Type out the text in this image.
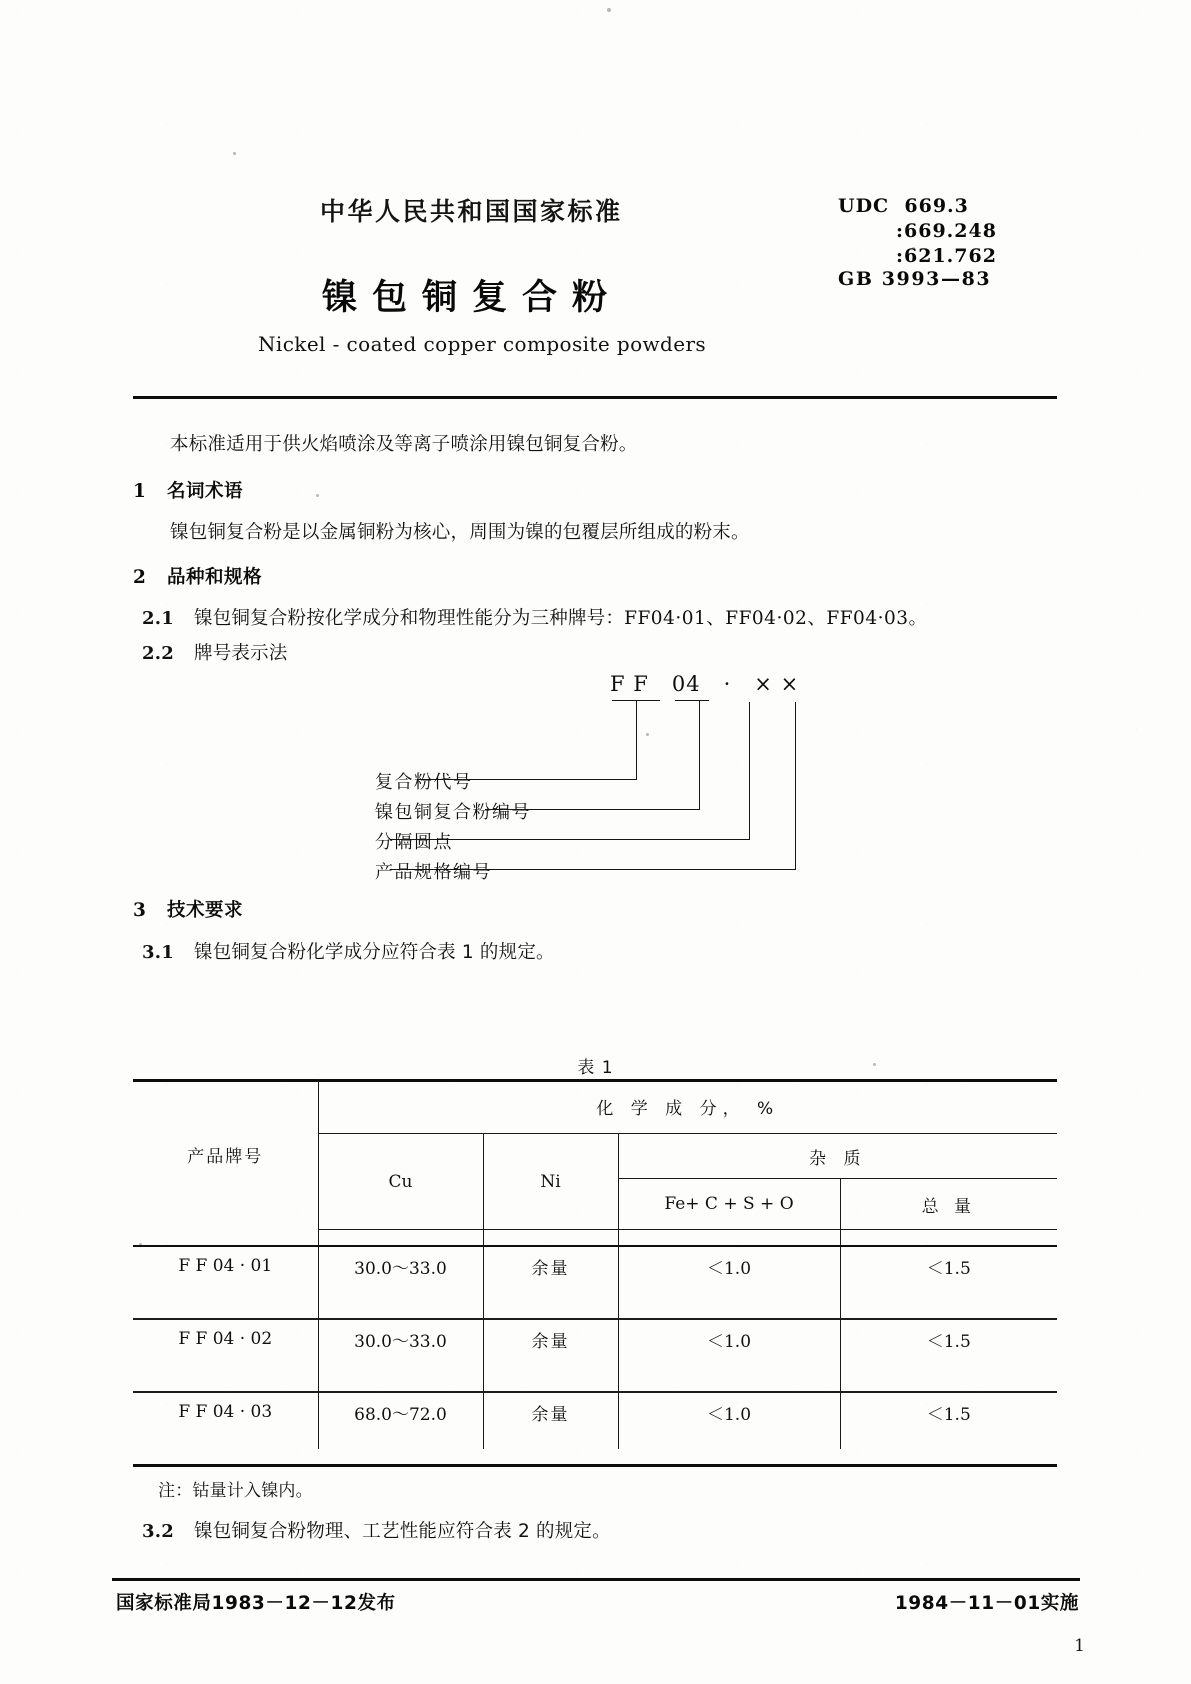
中华人民共和国国家标准
镍包铜复合粉
Nickel - coated copper composite powders
UDC  669.3
:669.248
:621.762
GB 3993—83
本标准适用于供火焰喷涂及等离子喷涂用镍包铜复合粉。
1 名词术语
镍包铜复合粉是以金属铜粉为核心，周围为镍的包覆层所组成的粉末。
2 品种和规格
2.1 镍包铜复合粉按化学成分和物理性能分为三种牌号：FF04·01、FF04·02、FF04·03。
2.2 牌号表示法
F F   04   ·   × ×
复合粉代号
镍包铜复合粉编号
分隔圆点
产品规格编号
3 技术要求
3.1 镍包铜复合粉化学成分应符合表 1 的规定。
表 1
产品牌号	化 学 成 分， %			
	Cu	Ni	杂 质	
			Fe+ C + S + O	总 量
F F 04 · 01	30.0～33.0	余量	＜1.0	＜1.5
F F 04 · 02	30.0～33.0	余量	＜1.0	＜1.5
F F 04 · 03	68.0～72.0	余量	＜1.0	＜1.5
注：钴量计入镍内。
3.2 镍包铜复合粉物理、工艺性能应符合表 2 的规定。
国家标准局1983－12－12发布	1984－11－01实施
1
